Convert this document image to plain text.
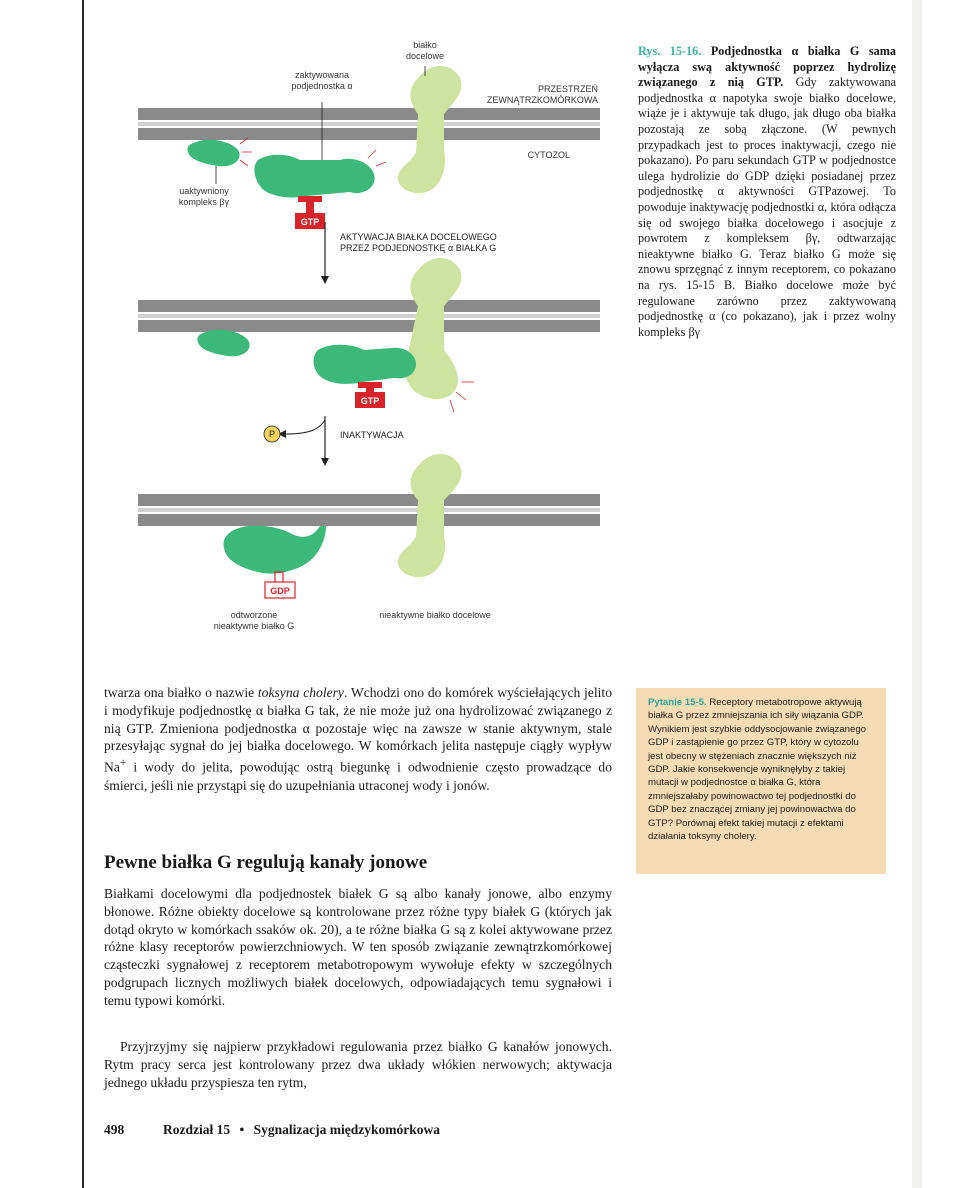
GTP
białko docelowe
zaktywowana podjednostka α	PRZESTRZEŃ ZEWNĄTRZKOMÓRKOWA
CYTOZOL
uaktywniony kompleks βγ
AKTYWACJA BIAŁKA DOCELOWEGO PRZEZ PODJEDNOSTKĘ α BIAŁKA G
GTP
P	INAKTYWACJA
GDP
odtworzone nieaktywne białko G
nieaktywne białko docelowe
Rys. 15-16. Podjednostka α białka G sama wyłącza swą aktywność poprzez hydrolizę związanego z nią GTP. Gdy zaktywowana podjednostka α napotyka swoje białko docelowe, wiąże je i aktywuje tak długo, jak długo oba białka pozostają ze sobą złączone. (W pewnych przypadkach jest to proces inaktywacji, czego nie pokazano). Po paru sekundach GTP w podjednostce ulega hydrolizie do GDP dzięki posiadanej przez podjednostkę α aktywności GTPazowej. To powoduje inaktywację podjednostki α, która odłącza się od swojego białka docelowego i asocjuje z powrotem z kompleksem βγ, odtwarzając nieaktywne białko G. Teraz białko G może się znowu sprzęgnąć z innym receptorem, co pokazano na rys. 15-15 B. Białko docelowe może być regulowane zarówno przez zaktywowaną podjednostkę α (co pokazano), jak i przez wolny kompleks βγ
Pytanie 15-5. Receptory metabotropowe aktywują białka G przez zmniejszania ich siły wiązania GDP. Wynikiem jest szybkie oddysocjowanie związanego GDP i zastąpienie go przez GTP, który w cytozolu jest obecny w stężeniach znacznie większych niż GDP. Jakie konsekwencje wyniknęłyby z takiej mutacji w podjednostce α białka G, która zmniejszałaby powinowactwo tej podjednostki do GDP bez znaczącej zmiany jej powinowactwa do GTP? Porównaj efekt takiej mutacji z efektami działania toksyny cholery.

twarza ona białko o nazwie toksyna cholery. Wchodzi ono do komórek wyściełających jelito i modyfikuje podjednostkę α białka G tak, że nie może już ona hydrolizować związanego z nią GTP. Zmieniona podjednostka α pozostaje więc na zawsze w stanie aktywnym, stale przesyłając sygnał do jej białka docelowego. W komórkach jelita następuje ciągły wypływ Na+ i wody do jelita, powodując ostrą biegunkę i odwodnienie często prowadzące do śmierci, jeśli nie przystąpi się do uzupełniania utraconej wody i jonów.

Pewne białka G regulują kanały jonowe

Białkami docelowymi dla podjednostek białek G są albo kanały jonowe, albo enzymy błonowe. Różne obiekty docelowe są kontrolowane przez różne typy białek G (których jak dotąd okryto w komórkach ssaków ok. 20), a te różne białka G są z kolei aktywowane przez różne klasy receptorów powierzchniowych. W ten sposób związanie zewnątrzkomórkowej cząsteczki sygnałowej z receptorem metabotropowym wywołuje efekty w szczególnych podgrupach licznych możliwych białek docelowych, odpowiadających temu sygnałowi i temu typowi komórki.

Przyjrzyjmy się najpierw przykładowi regulowania przez białko G kanałów jonowych. Rytm pracy serca jest kontrolowany przez dwa układy włókien nerwowych; aktywacja jednego układu przyspiesza ten rytm,

498	Rozdział 15 • Sygnalizacja międzykomórkowa
